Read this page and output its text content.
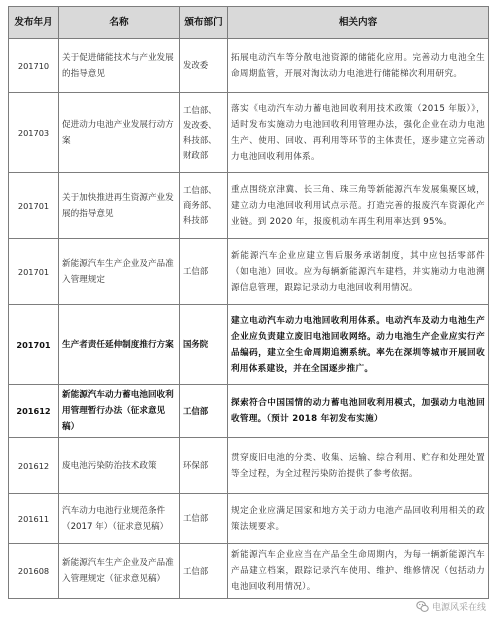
发布年月	名称	颁布部门	相关内容
201710	关于促进储能技术与产业发展的指导意见	发改委	拓展电动汽车等分散电池资源的储能化应用。完善动力电池全生命周期监管，开展对淘汰动力电池进行储能梯次利用研究。
201703	促进动力电池产业发展行动方案	工信部、发改委、科技部、财政部	落实《电动汽车动力蓄电池回收利用技术政策（2015 年版）》，适时发布实施动力电池回收利用管理办法，强化企业在动力电池生产、使用、回收、再利用等环节的主体责任，逐步建立完善动力电池回收利用体系。
201701	关于加快推进再生资源产业发展的指导意见	工信部、商务部、科技部	重点围绕京津冀、长三角、珠三角等新能源汽车发展集聚区域，建立动力电池回收利用试点示范。打造完善的报废汽车资源化产业链。到 2020 年，报废机动车再生利用率达到 95%。
201701	新能源汽车生产企业及产品准入管理规定	工信部	新能源汽车企业应建立售后服务承诺制度，其中应包括零部件（如电池）回收。应为每辆新能源汽车建档，并实施动力电池溯源信息管理，跟踪记录动力电池回收利用情况。
201701	生产者责任延伸制度推行方案	国务院	建立电动汽车动力电池回收利用体系。电动汽车及动力电池生产企业应负责建立废旧电池回收网络。动力电池生产企业应实行产品编码，建立全生命周期追溯系统。率先在深圳等城市开展回收利用体系建设，并在全国逐步推广。
201612	新能源汽车动力蓄电池回收利用管理暂行办法（征求意见稿）	工信部	探索符合中国国情的动力蓄电池回收利用模式，加强动力电池回收管理。（预计 2018 年初发布实施）
201612	废电池污染防治技术政策	环保部	贯穿废旧电池的分类、收集、运输、综合利用、贮存和处理处置等全过程，为全过程污染防治提供了参考依据。
201611	汽车动力电池行业规范条件（2017 年）（征求意见稿）	工信部	规定企业应满足国家和地方关于动力电池产品回收利用相关的政策法规要求。
201608	新能源汽车生产企业及产品准入管理规定（征求意见稿）	工信部	新能源汽车企业应当在产品全生命周期内，为每一辆新能源汽车产品建立档案，跟踪记录汽车使用、维护、维修情况（包括动力电池回收利用情况）。
电源风采在线
